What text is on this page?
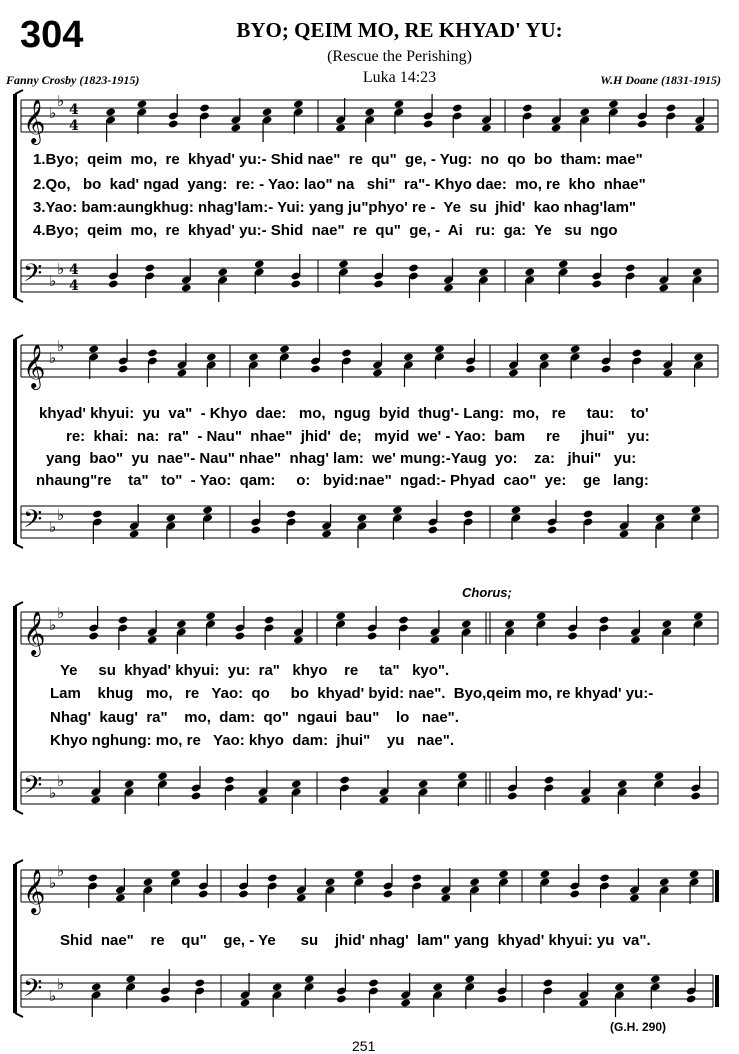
304	BYO; QEIM MO, RE KHYAD' YU:
(Rescue the Perishing)
Luka 14:23
Fanny Crosby (1823-1915)	W.H Doane (1831-1915)
𝄞
𝄢
♭
♭
♭
♭
4
4
4
4
𝄞
𝄢
♭
♭
♭
♭
𝄞
𝄢
♭
♭
♭
♭
𝄞
𝄢
♭
♭
♭
♭
1.Byo;  qeim  mo,  re  khyad' yu:- Shid nae"  re  qu"  ge, - Yug:  no  qo  bo  tham: mae"
2.Qo,   bo  kad' ngad  yang:  re: - Yao: lao" na   shi"  ra"- Khyo dae:  mo, re  kho  nhae"
3.Yao: bam:aungkhug: nhag'lam:- Yui: yang ju"phyo' re -  Ye  su  jhid'  kao nhag'lam"
4.Byo;  qeim  mo,  re  khyad' yu:- Shid  nae"  re  qu"  ge, -  Ai   ru:  ga:  Ye   su  ngo
khyad' khyui:  yu  va"  - Khyo  dae:   mo,  ngug  byid  thug'- Lang:  mo,   re     tau:    to'
re:  khai:  na:  ra"  - Nau"  nhae"  jhid'  de;   myid  we' - Yao:  bam     re     jhui"   yu:
yang  bao"  yu  nae"- Nau" nhae"  nhag' lam:  we' mung:-Yaug  yo:    za:   jhui"   yu:
nhaung"re    ta"   to"  - Yao:  qam:     o:   byid:nae"  ngad:- Phyad  cao"  ye:    ge   lang:
Chorus;
Ye     su  khyad' khyui:  yu:  ra"   khyo    re     ta"   kyo".
Lam    khug   mo,   re   Yao:  qo     bo  khyad' byid: nae".  Byo,qeim mo, re khyad' yu:-
Nhag'  kaug'  ra"    mo,  dam:  qo"  ngaui  bau"    lo   nae".
Khyo nghung: mo, re   Yao: khyo  dam:  jhui"    yu   nae".
Shid  nae"    re    qu"    ge, - Ye      su    jhid' nhag'  lam" yang  khyad' khyui: yu  va".
(G.H. 290)
251
